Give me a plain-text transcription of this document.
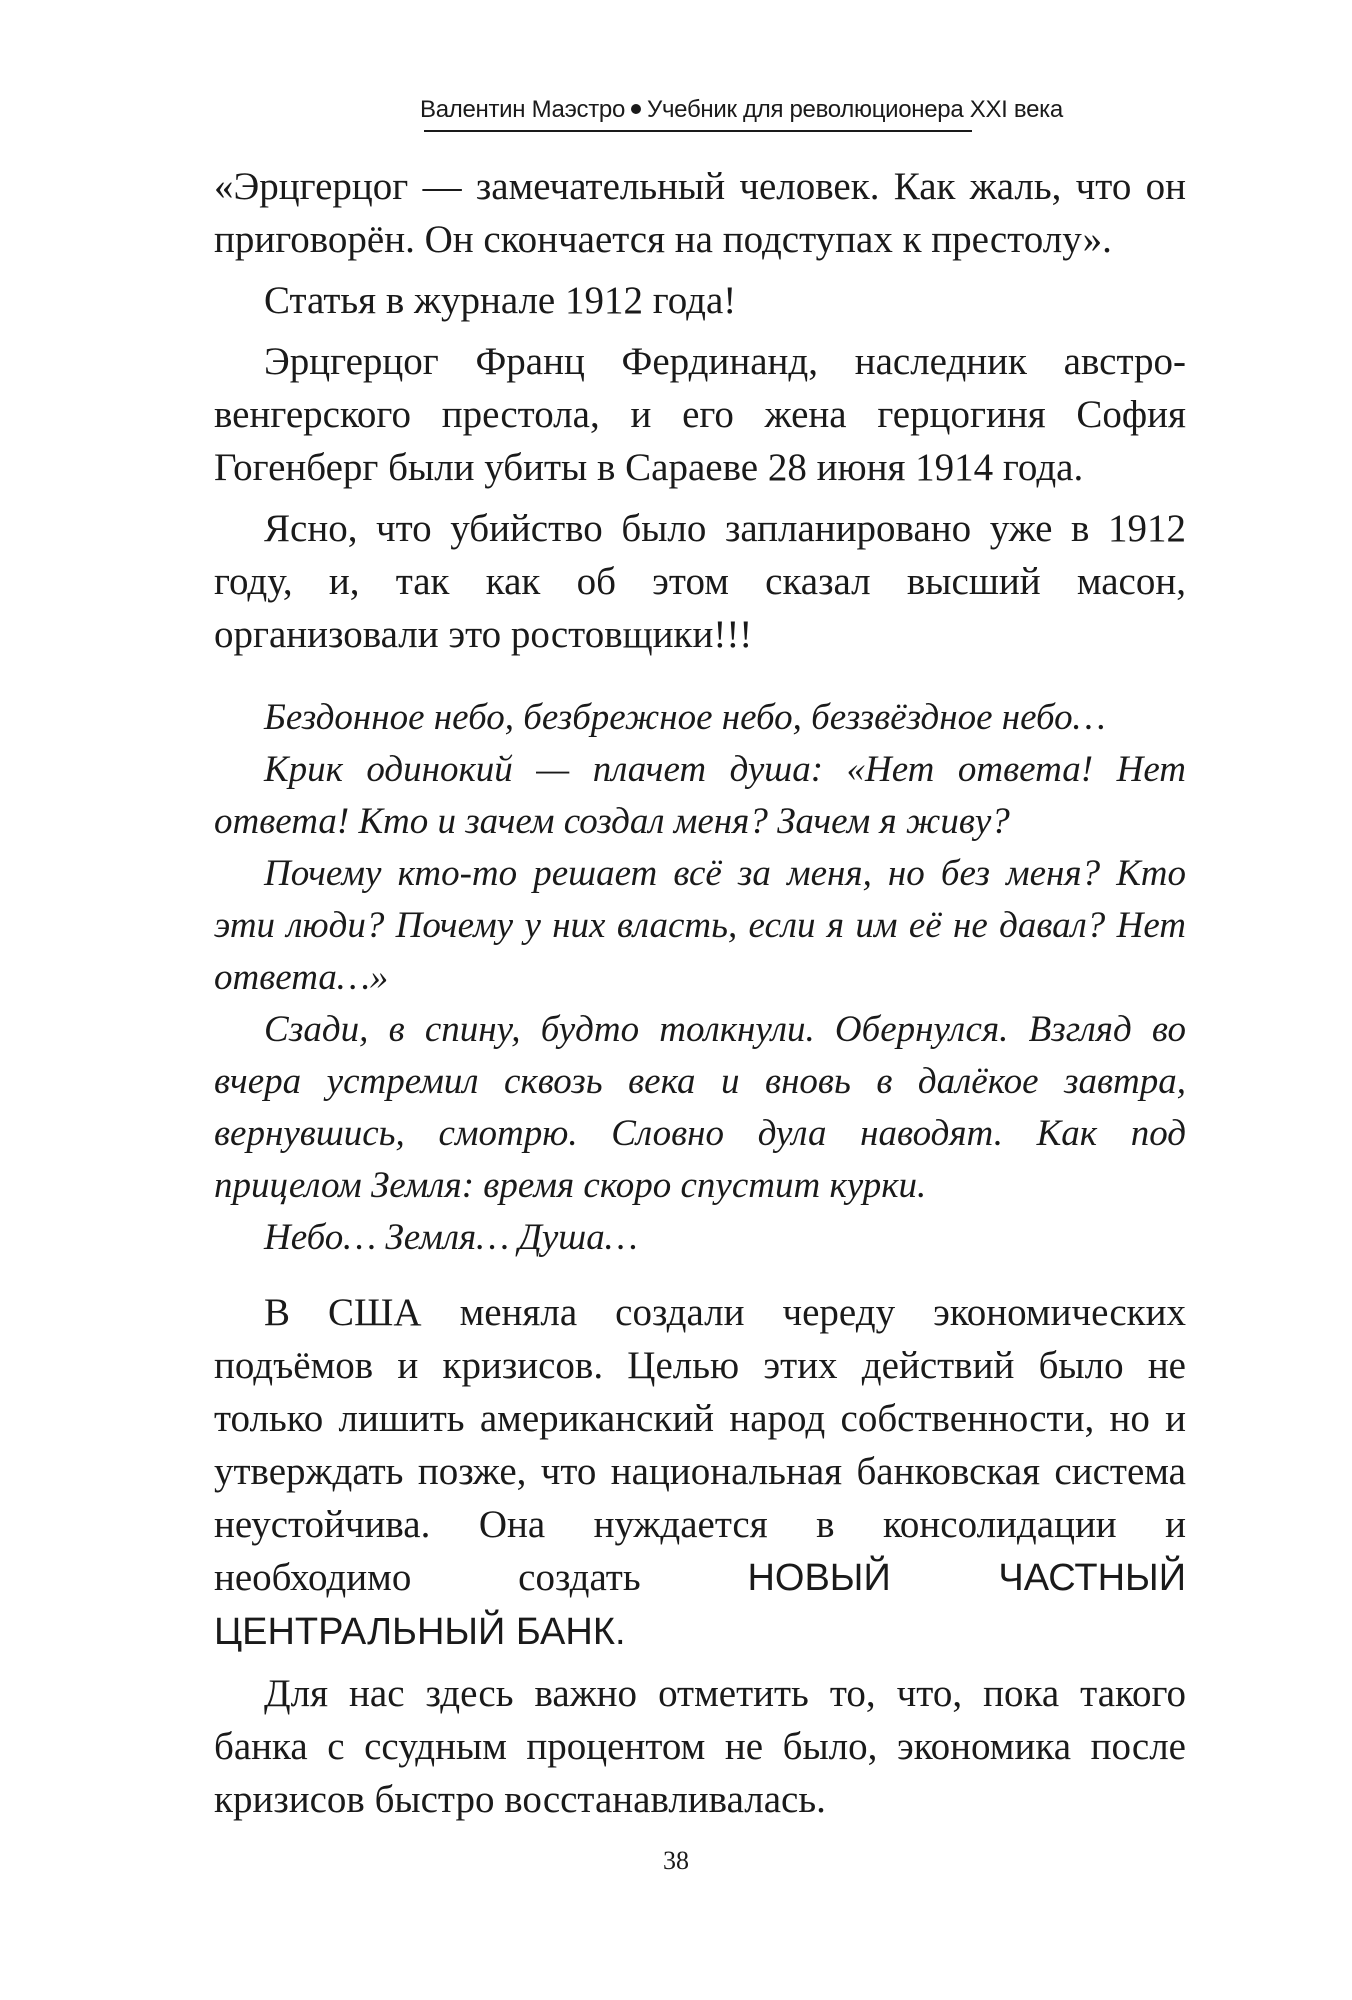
Валентин Маэстро Учебник для революционера XXI века

«Эрцгерцог — замечательный человек. Как жаль, что он приговорён. Он скончается на подступах к престолу».

Статья в журнале 1912 года!

Эрцгерцог Франц Фердинанд, наследник австро-венгерского престола, и его жена герцогиня София Гогенберг были убиты в Сараеве 28 июня 1914 года.

Ясно, что убийство было запланировано уже в 1912 году, и, так как об этом сказал высший масон, организовали это ростовщики!!!

Бездонное небо, безбрежное небо, беззвёздное небо…

Крик одинокий — плачет душа: «Нет ответа! Нет ответа! Кто и зачем создал меня? Зачем я живу?

Почему кто-то решает всё за меня, но без меня? Кто эти люди? Почему у них власть, если я им её не давал? Нет ответа…»

Сзади, в спину, будто толкнули. Обернулся. Взгляд во вчера устремил сквозь века и вновь в далёкое завтра, вернувшись, смотрю. Словно дула наводят. Как под прицелом Земля: время скоро спустит курки.

Небо… Земля… Душа…

В США меняла создали череду экономических подъёмов и кризисов. Целью этих действий было не только лишить американский народ собственности, но и утверждать позже, что национальная банковская система неустойчива. Она нуждается в консолидации и необходимо создать НОВЫЙ ЧАСТНЫЙ ЦЕНТРАЛЬНЫЙ БАНК.

Для нас здесь важно отметить то, что, пока такого банка с ссудным процентом не было, экономика после кризисов быстро восстанавливалась.

38
